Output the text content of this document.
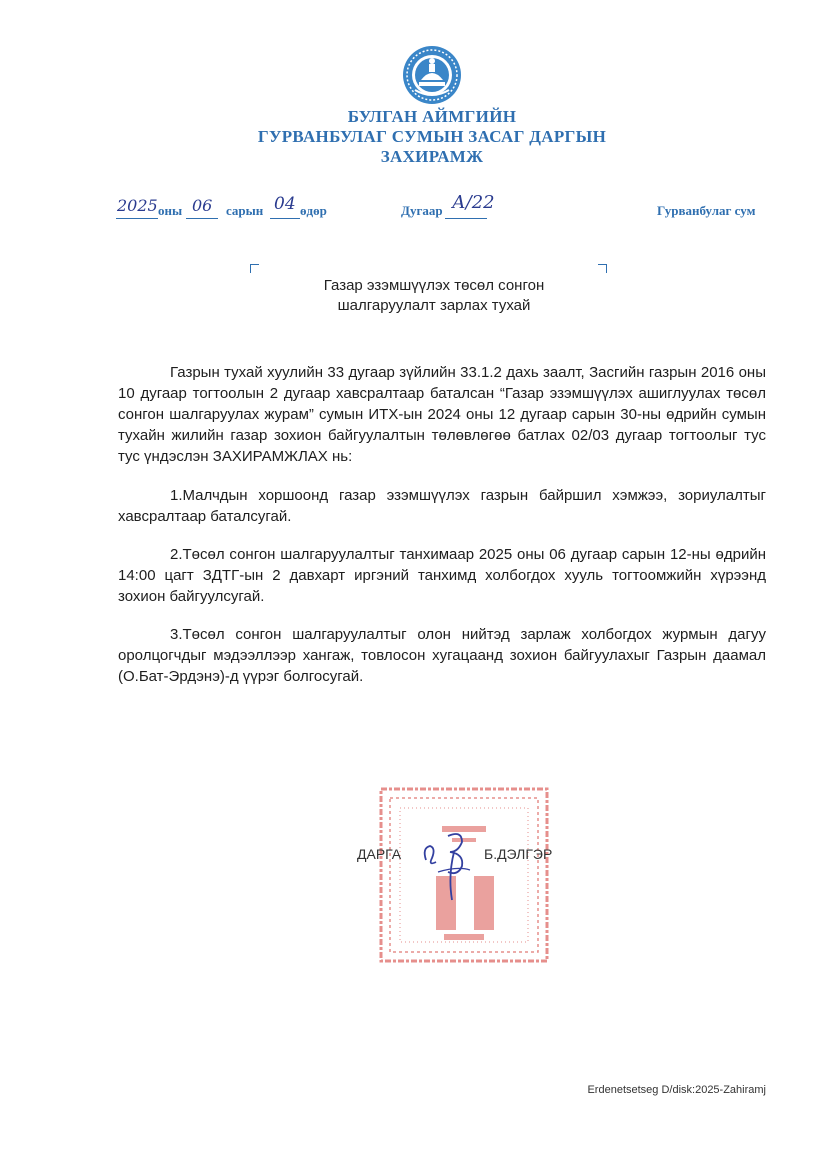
БУЛГАН АЙМГИЙН
ГУРВАНБУЛАГ СУМЫН ЗАСАГ ДАРГЫН
ЗАХИРАМЖ
2025 оны 06 сарын 04 өдөр	Дугаар А/22	Гурванбулаг сум
Газар эзэмшүүлэх төсөл сонгон
шалгаруулалт зарлах тухай

Газрын тухай хуулийн 33 дугаар зүйлийн 33.1.2 дахь заалт, Засгийн газрын 2016 оны 10 дугаар тогтоолын 2 дугаар хавсралтаар баталсан “Газар эзэмшүүлэх ашиглуулах төсөл сонгон шалгаруулах журам” сумын ИТХ-ын 2024 оны 12 дугаар сарын 30-ны өдрийн сумын тухайн жилийн газар зохион байгуулалтын төлөвлөгөө батлах 02/03 дугаар тогтоолыг тус тус үндэслэн ЗАХИРАМЖЛАХ нь:

1.Малчдын хоршоонд газар эзэмшүүлэх газрын байршил хэмжээ, зориулалтыг хавсралтаар баталсугай.

2.Төсөл сонгон шалгаруулалтыг танхимаар 2025 оны 06 дугаар сарын 12-ны өдрийн 14:00 цагт ЗДТГ-ын 2 давхарт иргэний танхимд холбогдох хууль тогтоомжийн хүрээнд зохион байгуулсугай.

3.Төсөл сонгон шалгаруулалтыг олон нийтэд зарлаж холбогдох журмын дагуу оролцогчдыг мэдээллээр хангаж, товлосон хугацаанд зохион байгуулахыг Газрын даамал (О.Бат-Эрдэнэ)-д үүрэг болгосугай.

ДАРГА	Б.ДЭЛГЭР
Erdenetsetseg D/disk:2025-Zahiramj
